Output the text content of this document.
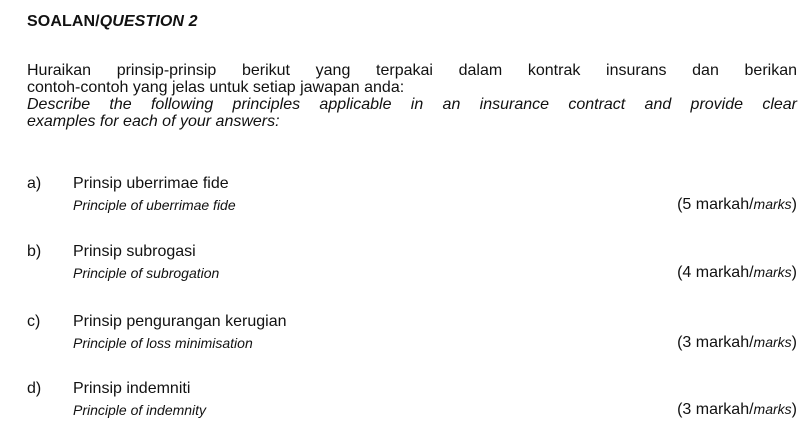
SOALAN/QUESTION 2
Huraikan prinsip-prinsip berikut yang terpakai dalam kontrak insurans dan berikan
contoh-contoh yang jelas untuk setiap jawapan anda:
Describe the following principles applicable in an insurance contract and provide clear
examples for each of your answers:
a) Prinsip uberrimae fide
Principle of uberrimae fide	(5 markah/marks)
b) Prinsip subrogasi
Principle of subrogation	(4 markah/marks)
c) Prinsip pengurangan kerugian
Principle of loss minimisation	(3 markah/marks)
d) Prinsip indemniti
Principle of indemnity	(3 markah/marks)
